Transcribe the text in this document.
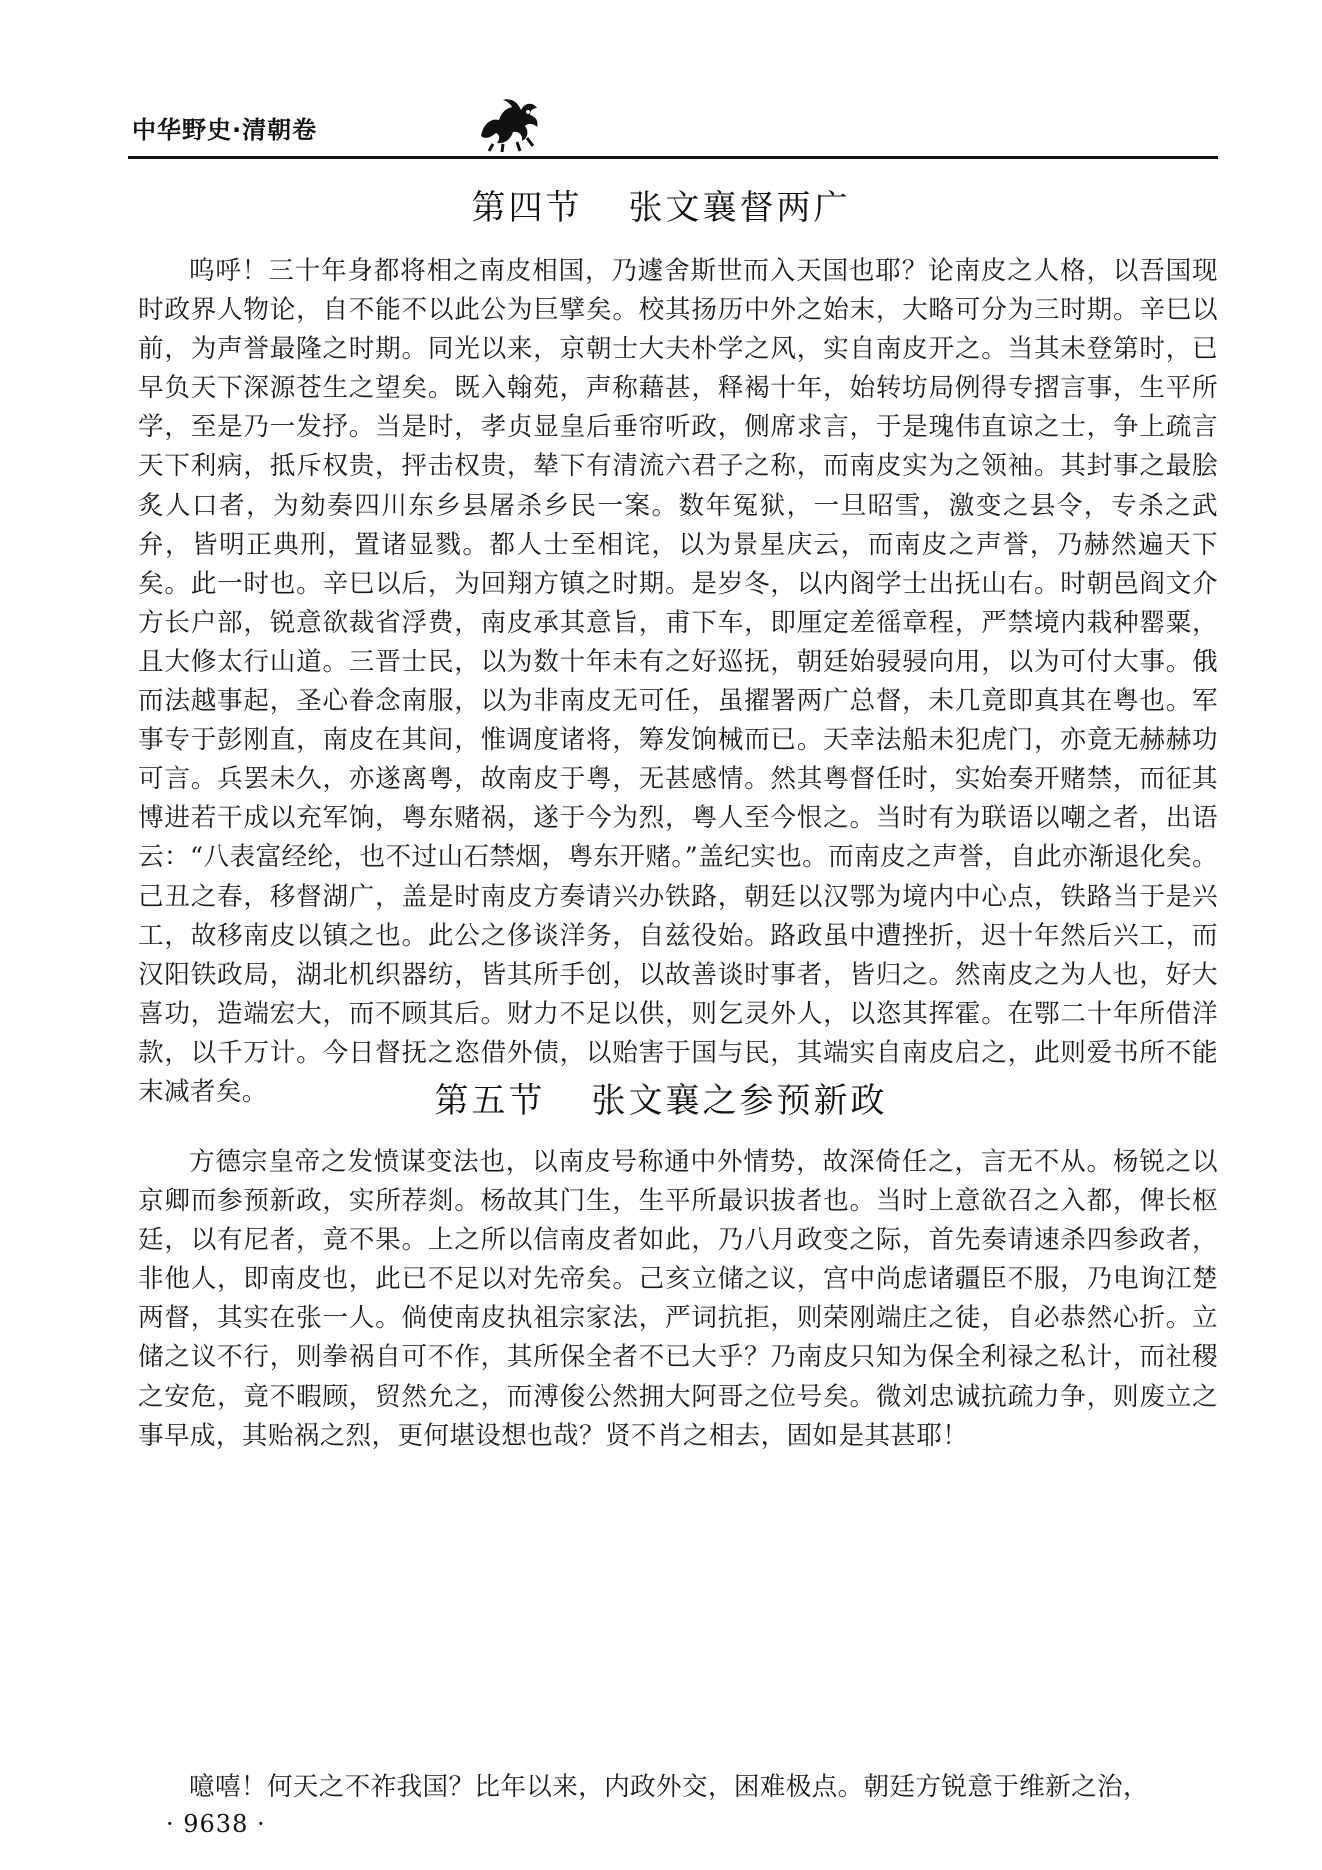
中华野史·清朝卷
第四节 张文襄督两广

呜呼！三十年身都将相之南皮相国，乃遽舍斯世而入天国也耶？论南皮之人格，以吾国现时政界人物论，自不能不以此公为巨擘矣。校其扬历中外之始末，大略可分为三时期。辛巳以前，为声誉最隆之时期。同光以来，京朝士大夫朴学之风，实自南皮开之。当其未登第时，已早负天下深源苍生之望矣。既入翰苑，声称藉甚，释褐十年，始转坊局例得专摺言事，生平所学，至是乃一发抒。当是时，孝贞显皇后垂帘听政，侧席求言，于是瑰伟直谅之士，争上疏言天下利病，抵斥权贵，抨击权贵，辇下有清流六君子之称，而南皮实为之领袖。其封事之最脍炙人口者，为劾奏四川东乡县屠杀乡民一案。数年冤狱，一旦昭雪，激变之县令，专杀之武弁，皆明正典刑，置诸显戮。都人士至相诧，以为景星庆云，而南皮之声誉，乃赫然遍天下矣。此一时也。辛巳以后，为回翔方镇之时期。是岁冬，以内阁学士出抚山右。时朝邑阎文介方长户部，锐意欲裁省浮费，南皮承其意旨，甫下车，即厘定差徭章程，严禁境内栽种罂粟，且大修太行山道。三晋士民，以为数十年未有之好巡抚，朝廷始骎骎向用，以为可付大事。俄而法越事起，圣心眷念南服，以为非南皮无可任，虽擢署两广总督，未几竟即真其在粤也。军事专于彭刚直，南皮在其间，惟调度诸将，筹发饷械而已。天幸法船未犯虎门，亦竟无赫赫功可言。兵罢未久，亦遂离粤，故南皮于粤，无甚感情。然其粤督任时，实始奏开赌禁，而征其博进若干成以充军饷，粤东赌祸，遂于今为烈，粤人至今恨之。当时有为联语以嘲之者，出语云：“八表富经纶，也不过山石禁烟，粤东开赌。”盖纪实也。而南皮之声誉，自此亦渐退化矣。己丑之春，移督湖广，盖是时南皮方奏请兴办铁路，朝廷以汉鄂为境内中心点，铁路当于是兴工，故移南皮以镇之也。此公之侈谈洋务，自兹役始。路政虽中遭挫折，迟十年然后兴工，而汉阳铁政局，湖北机织器纺，皆其所手创，以故善谈时事者，皆归之。然南皮之为人也，好大喜功，造端宏大，而不顾其后。财力不足以供，则乞灵外人，以恣其挥霍。在鄂二十年所借洋款，以千万计。今日督抚之恣借外债，以贻害于国与民，其端实自南皮启之，此则爱书所不能末减者矣。	第五节 张文襄之参预新政

方德宗皇帝之发愤谋变法也，以南皮号称通中外情势，故深倚任之，言无不从。杨锐之以京卿而参预新政，实所荐剡。杨故其门生，生平所最识拔者也。当时上意欲召之入都，俾长枢廷，以有尼者，竟不果。上之所以信南皮者如此，乃八月政变之际，首先奏请速杀四参政者，非他人，即南皮也，此已不足以对先帝矣。己亥立储之议，宫中尚虑诸疆臣不服，乃电询江楚两督，其实在张一人。倘使南皮执祖宗家法，严词抗拒，则荣刚端庄之徒，自必恭然心折。立储之议不行，则拳祸自可不作，其所保全者不已大乎？乃南皮只知为保全利禄之私计，而社稷之安危，竟不暇顾，贸然允之，而溥俊公然拥大阿哥之位号矣。微刘忠诚抗疏力争，则废立之事早成，其贻祸之烈，更何堪设想也哉？贤不肖之相去，固如是其甚耶！

噫嘻！何天之不祚我国？比年以来，内政外交，困难极点。朝廷方锐意于维新之治，

· 9638 ·
